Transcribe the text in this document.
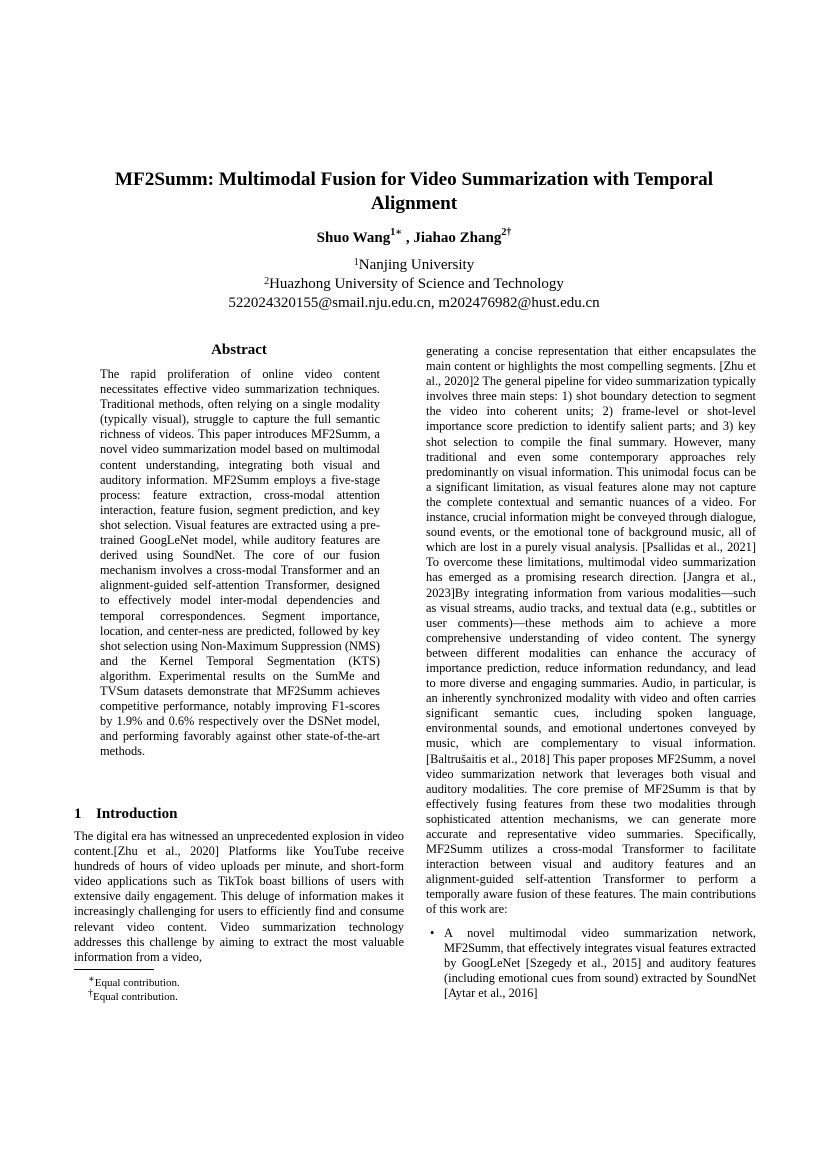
MF2Summ: Multimodal Fusion for Video Summarization with Temporal Alignment
Shuo Wang$^{1∗}$ , Jiahao Zhang$^{2\dagger}$
$^1$Nanjing University
$^2$Huazhong University of Science and Technology
522024320155@smail.nju.edu.cn, m202476982@hust.edu.cn
Abstract

The rapid proliferation of online video content necessitates effective video summarization techniques. Traditional methods, often relying on a single modality (typically visual), struggle to capture the full semantic richness of videos. This paper introduces MF2Summ, a novel video summarization model based on multimodal content understanding, integrating both visual and auditory information. MF2Summ employs a five-stage process: feature extraction, cross-modal attention interaction, feature fusion, segment prediction, and key shot selection. Visual features are extracted using a pre-trained GoogLeNet model, while auditory features are derived using SoundNet. The core of our fusion mechanism involves a cross-modal Transformer and an alignment-guided self-attention Transformer, designed to effectively model inter-modal dependencies and temporal correspondences. Segment importance, location, and center-ness are predicted, followed by key shot selection using Non-Maximum Suppression (NMS) and the Kernel Temporal Segmentation (KTS) algorithm. Experimental results on the SumMe and TVSum datasets demonstrate that MF2Summ achieves competitive performance, notably improving F1-scores by 1.9% and 0.6% respectively over the DSNet model, and performing favorably against other state-of-the-art methods.

1 Introduction

The digital era has witnessed an unprecedented explosion in video content.[Zhu et al., 2020] Platforms like YouTube receive hundreds of hours of video uploads per minute, and short-form video applications such as TikTok boast billions of users with extensive daily engagement. This deluge of information makes it increasingly challenging for users to efficiently find and consume relevant video content. Video summarization technology addresses this challenge by aiming to extract the most valuable information from a video,

∗Equal contribution.
†Equal contribution.

generating a concise representation that either encapsulates the main content or highlights the most compelling segments. [Zhu et al., 2020]2 The general pipeline for video summarization typically involves three main steps: 1) shot boundary detection to segment the video into coherent units; 2) frame-level or shot-level importance score prediction to identify salient parts; and 3) key shot selection to compile the final summary. However, many traditional and even some contemporary approaches rely predominantly on visual information. This unimodal focus can be a significant limitation, as visual features alone may not capture the complete contextual and semantic nuances of a video. For instance, crucial information might be conveyed through dialogue, sound events, or the emotional tone of background music, all of which are lost in a purely visual analysis. [Psallidas et al., 2021] To overcome these limitations, multimodal video summarization has emerged as a promising research direction. [Jangra et al., 2023]By integrating information from various modalities—such as visual streams, audio tracks, and textual data (e.g., subtitles or user comments)—these methods aim to achieve a more comprehensive understanding of video content. The synergy between different modalities can enhance the accuracy of importance prediction, reduce information redundancy, and lead to more diverse and engaging summaries. Audio, in particular, is an inherently synchronized modality with video and often carries significant semantic cues, including spoken language, environmental sounds, and emotional undertones conveyed by music, which are complementary to visual information. [Baltrušaitis et al., 2018] This paper proposes MF2Summ, a novel video summarization network that leverages both visual and auditory modalities. The core premise of MF2Summ is that by effectively fusing features from these two modalities through sophisticated attention mechanisms, we can generate more accurate and representative video summaries. Specifically, MF2Summ utilizes a cross-modal Transformer to facilitate interaction between visual and auditory features and an alignment-guided self-attention Transformer to perform a temporally aware fusion of these features. The main contributions of this work are:

• A novel multimodal video summarization network, MF2Summ, that effectively integrates visual features extracted by GoogLeNet [Szegedy et al., 2015] and auditory features (including emotional cues from sound) extracted by SoundNet [Aytar et al., 2016]
